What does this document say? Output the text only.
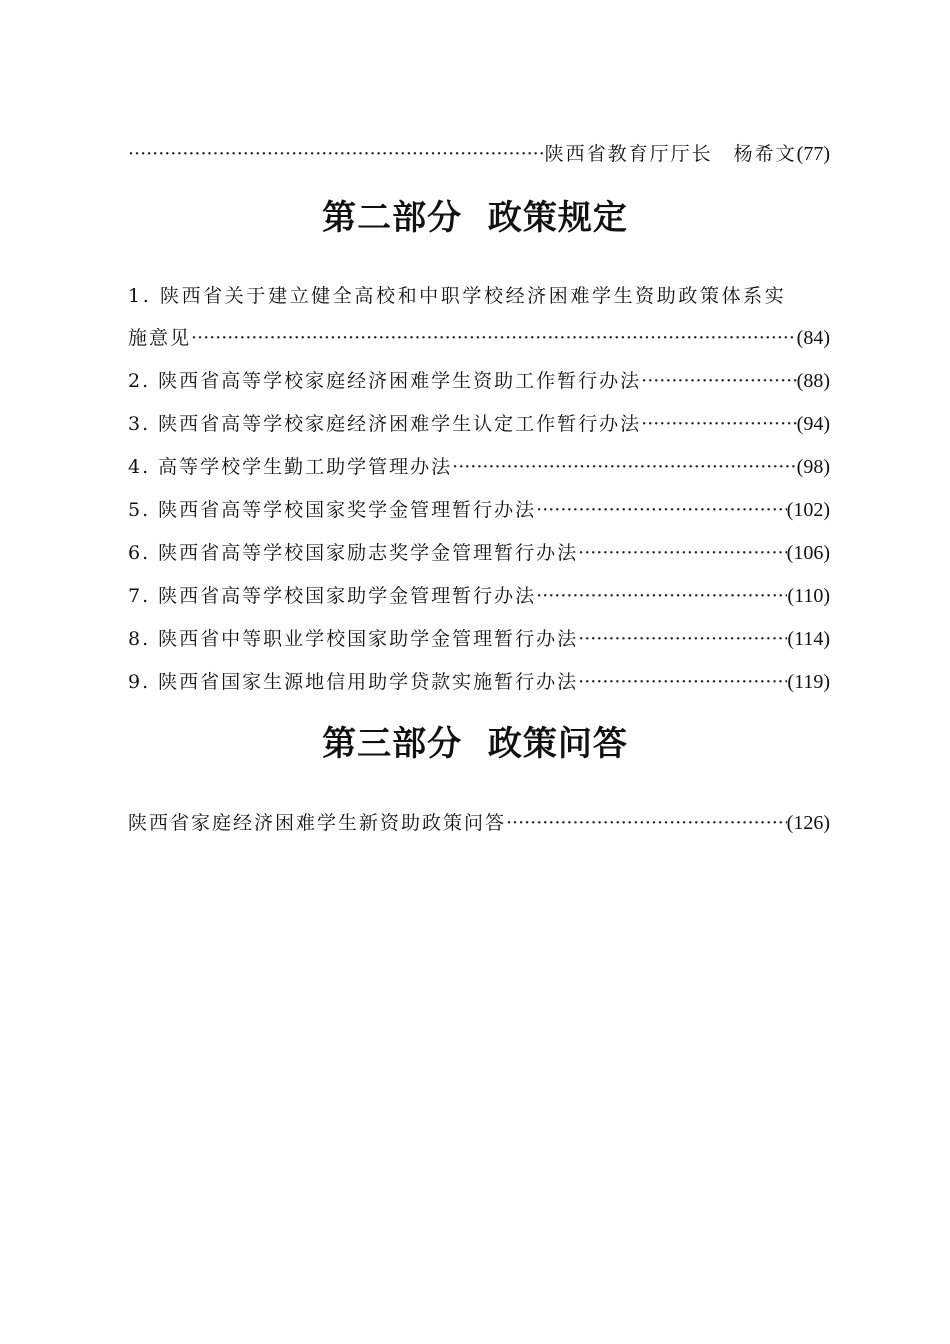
·····
陕西省教育厅厅长　杨希文 (77)
第二部分  政策规定
1. 陕西省关于建立健全高校和中职学校经济困难学生资助政策体系实
施意见 ·····	(84)
2. 陕西省高等学校家庭经济困难学生资助工作暂行办法 ·····	(88)
3. 陕西省高等学校家庭经济困难学生认定工作暂行办法 ·····	(94)
4. 高等学校学生勤工助学管理办法 ·····	(98)
5. 陕西省高等学校国家奖学金管理暂行办法 ·····	(102)
6. 陕西省高等学校国家励志奖学金管理暂行办法 ·····	(106)
7. 陕西省高等学校国家助学金管理暂行办法 ·····	(110)
8. 陕西省中等职业学校国家助学金管理暂行办法 ·····	(114)
9. 陕西省国家生源地信用助学贷款实施暂行办法 ·····	(119)
第三部分  政策问答
陕西省家庭经济困难学生新资助政策问答 ·····	(126)
